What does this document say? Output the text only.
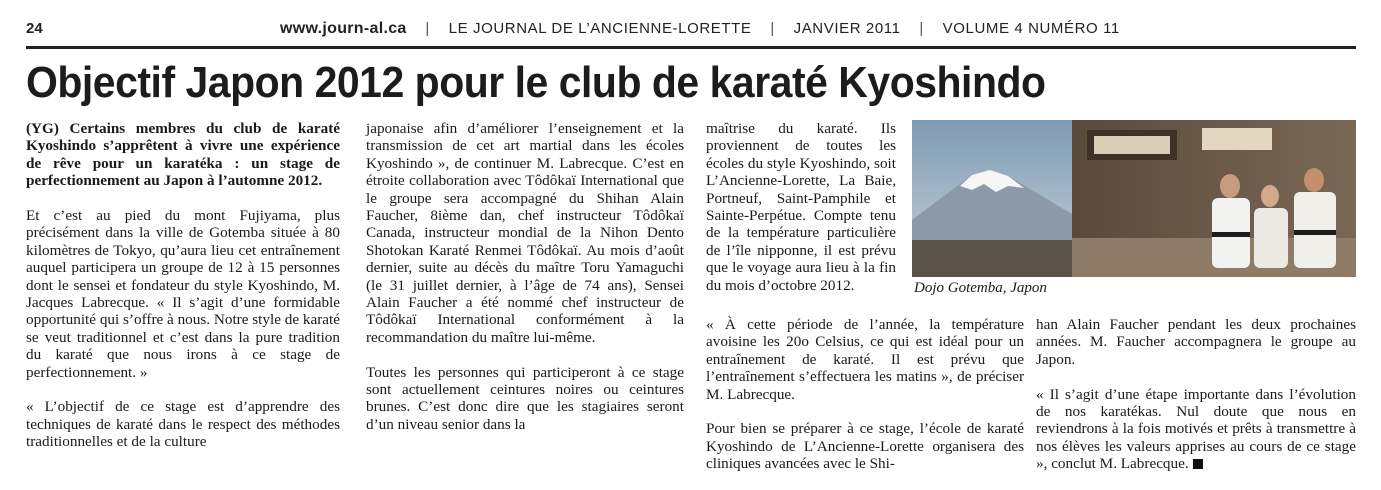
24	www.journ-al.ca | LE JOURNAL DE L’ANCIENNE-LORETTE | JANVIER 2011 | VOLUME 4 NUMÉRO 11
Objectif Japon 2012 pour le club de karaté Kyoshindo
(YG) Certains membres du club de karaté Kyoshindo s’apprêtent à vivre une expérience de rêve pour un karatéka : un stage de perfectionnement au Japon à l’automne 2012.

Et c’est au pied du mont Fujiyama, plus précisément dans la ville de Gotemba située à 80 kilomètres de Tokyo, qu’aura lieu cet entraînement auquel participera un groupe de 12 à 15 personnes dont le sensei et fondateur du style Kyoshindo, M. Jacques Labrecque. « Il s’agit d’une formidable opportunité qui s’offre à nous. Notre style de karaté se veut traditionnel et c’est dans la pure tradition du karaté que nous irons à ce stage de perfectionnement. »

« L’objectif de ce stage est d’apprendre des techniques de karaté dans le respect des méthodes traditionnelles et de la culture

japonaise afin d’améliorer l’enseignement et la transmission de cet art martial dans les écoles Kyoshindo », de continuer M. Labrecque. C’est en étroite collaboration avec Tôdôkaï International que le groupe sera accompagné du Shihan Alain Faucher, 8ième dan, chef instructeur Tôdôkaï Canada, instructeur mondial de la Nihon Dento Shotokan Karaté Renmei Tôdôkaï. Au mois d’août dernier, suite au décès du maître Toru Yamaguchi (le 31 juillet dernier, à l’âge de 74 ans), Sensei Alain Faucher a été nommé chef instructeur de Tôdôkaï International conformément à la recommandation du maître lui-même.

Toutes les personnes qui participeront à ce stage sont actuellement ceintures noires ou ceintures brunes. C’est donc dire que les stagiaires seront d’un niveau senior dans la

maîtrise du karaté. Ils proviennent de toutes les écoles du style Kyoshindo, soit L’Ancienne-Lorette, La Baie, Portneuf, Saint-Pamphile et Sainte-Perpétue. Compte tenu de la température particulière de l’île nipponne, il est prévu que le voyage aura lieu à la fin du mois d’octobre 2012.

« À cette période de l’année, la température avoisine les 20o Celsius, ce qui est idéal pour un entraînement de karaté. Il est prévu que l’entraînement s’effectuera les matins », de préciser M. Labrecque.

Pour bien se préparer à ce stage, l’école de karaté Kyoshindo de L’Ancienne-Lorette organisera des cliniques avancées avec le Shi-

han Alain Faucher pendant les deux prochaines années. M. Faucher accompagnera le groupe au Japon.

« Il s’agit d’une étape importante dans l’évolution de nos karatékas. Nul doute que nous en reviendrons à la fois motivés et prêts à transmettre à nos élèves les valeurs apprises au cours de ce stage », conclut M. Labrecque.

Dojo Gotemba, Japon
